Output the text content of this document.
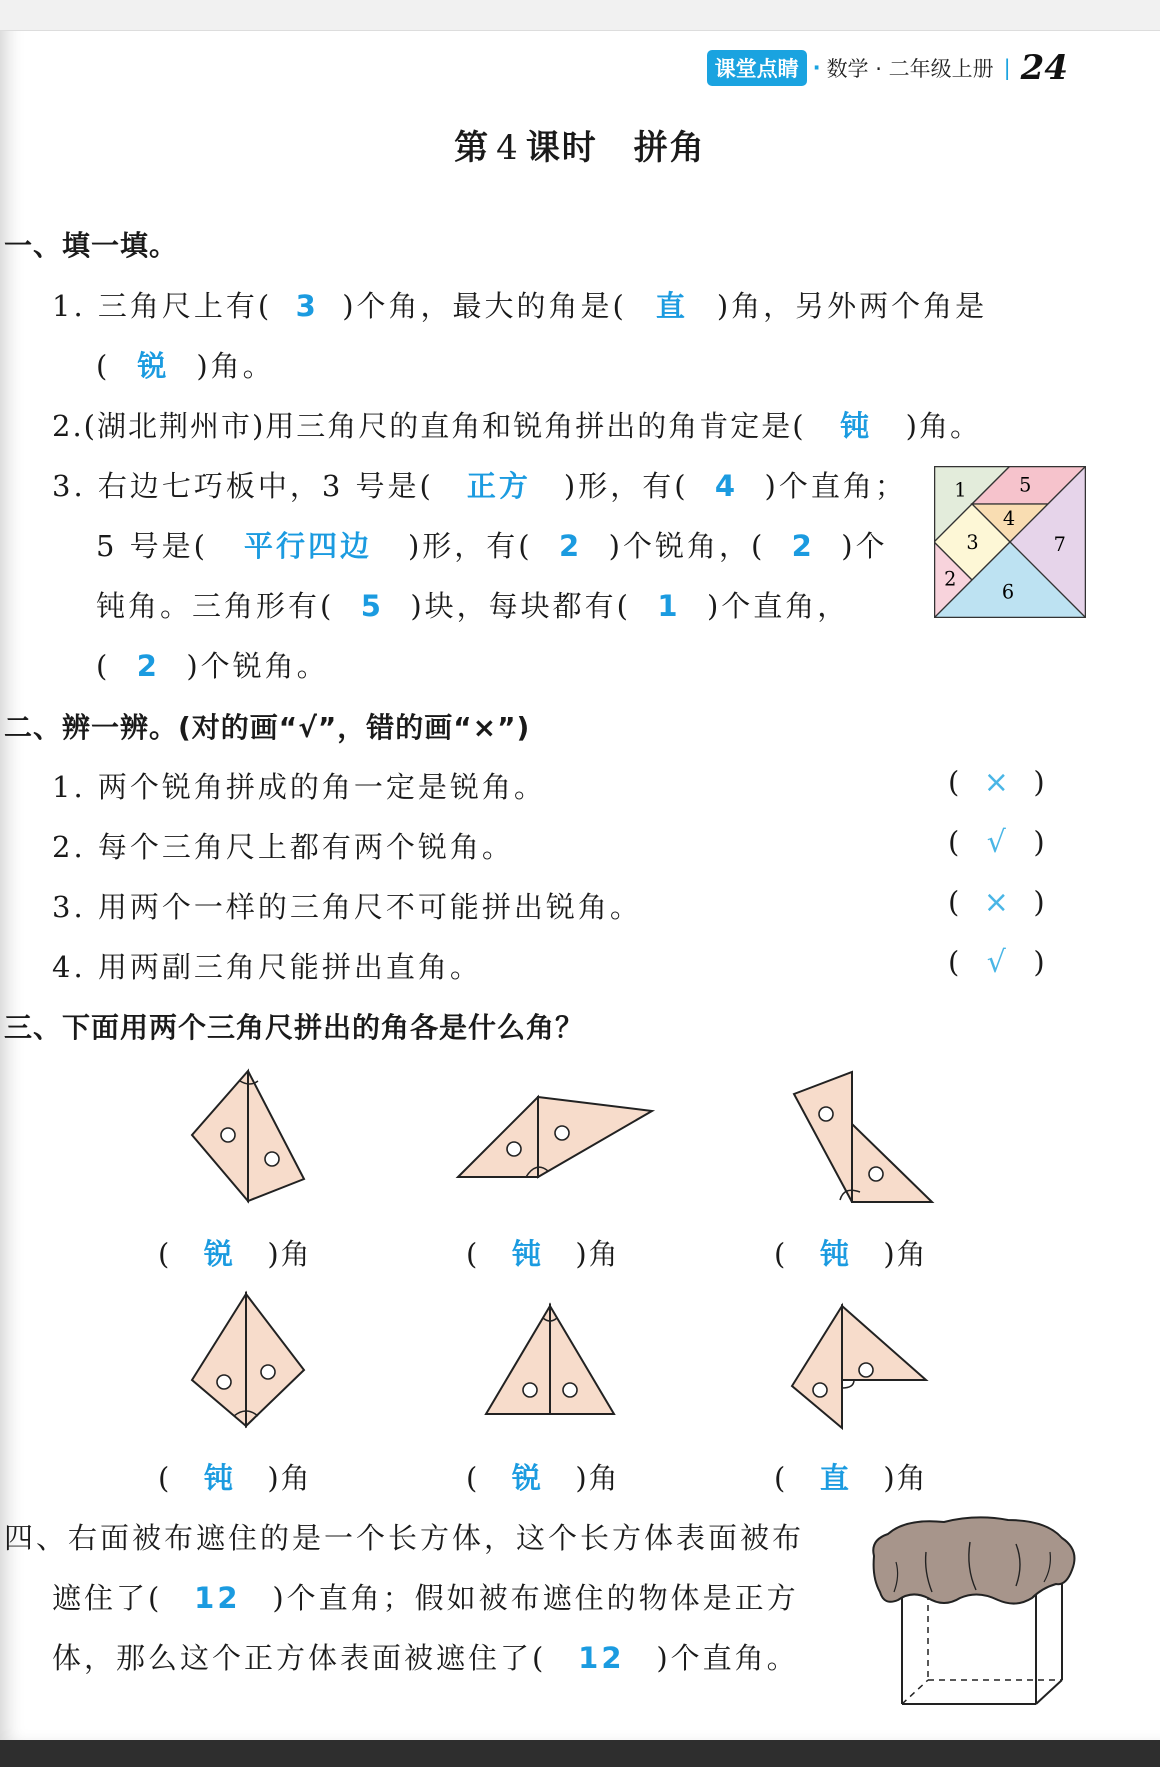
课堂点睛 · 数学 · 二年级上册 | 24
第 4 课时　拼角
一、填一填。
1. 三角尺上有( 3 )个角，最大的角是( 直 )角，另外两个角是
( 锐 )角。
2.(湖北荆州市)用三角尺的直角和锐角拼出的角肯定是( 钝 )角。
3. 右边七巧板中，3 号是( 正方 )形，有( 4 )个直角；
5 号是( 平行四边 )形，有( 2 )个锐角，( 2 )个
钝角。三角形有( 5 )块，每块都有( 1 )个直角，
( 2 )个锐角。
1
2
3
4
5
6
7
二、辨一辨。(对的画“√”，错的画“×”)
1. 两个锐角拼成的角一定是锐角。	( × )
2. 每个三角尺上都有两个锐角。	( √ )
3. 用两个一样的三角尺不可能拼出锐角。	( × )
4. 用两副三角尺能拼出直角。	( √ )
三、下面用两个三角尺拼出的角各是什么角？
( 锐 )角	( 钝 )角	( 钝 )角
( 钝 )角	( 锐 )角	( 直 )角
四、右面被布遮住的是一个长方体，这个长方体表面被布
遮住了( 12 )个直角；假如被布遮住的物体是正方
体，那么这个正方体表面被遮住了( 12 )个直角。
